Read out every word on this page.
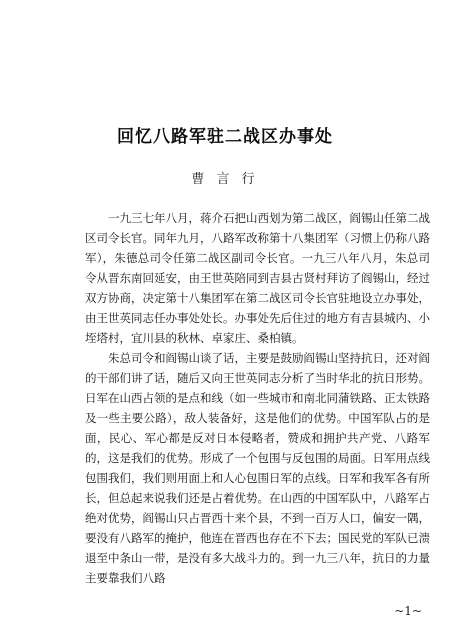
回忆八路军驻二战区办事处
曹 言 行

一九三七年八月，蒋介石把山西划为第二战区，阎锡山任第二战区司令长官。同年九月，八路军改称第十八集团军（习惯上仍称八路军），朱德总司令任第二战区副司令长官。一九三八年八月，朱总司令从晋东南回延安，由王世英陪同到吉县古贤村拜访了阎锡山，经过双方协商，决定第十八集团军在第二战区司令长官驻地设立办事处，由王世英同志任办事处处长。办事处先后住过的地方有吉县城内、小垤塔村，宜川县的秋林、卓家庄、桑柏镇。

朱总司令和阎锡山谈了话，主要是鼓励阎锡山坚持抗日，还对阎的干部们讲了话，随后又向王世英同志分析了当时华北的抗日形势。日军在山西占领的是点和线（如一些城市和南北同蒲铁路、正太铁路及一些主要公路），敌人装备好，这是他们的优势。中国军队占的是面，民心、军心都是反对日本侵略者，赞成和拥护共产党、八路军的，这是我们的优势。形成了一个包围与反包围的局面。日军用点线包围我们，我们则用面上和人心包围日军的点线。日军和我军各有所长，但总起来说我们还是占着优势。在山西的中国军队中，八路军占绝对优势，阎锡山只占晋西十来个县，不到一百万人口，偏安一隅，要没有八路军的掩护，他连在晋西也存在不下去；国民党的军队已溃退至中条山一带，是没有多大战斗力的。到一九三八年，抗日的力量主要靠我们八路

~1~
